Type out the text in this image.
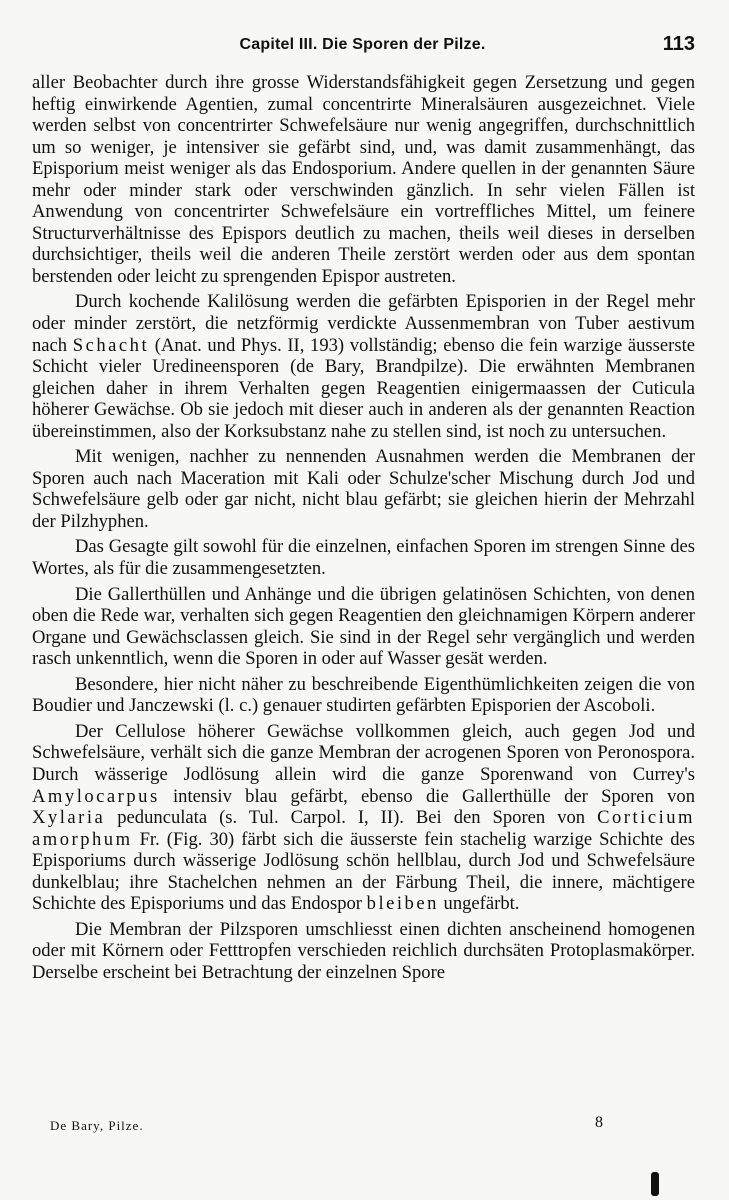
Capitel III. Die Sporen der Pilze.	113

aller Beobachter durch ihre grosse Widerstandsfähigkeit gegen Zersetzung und gegen heftig einwirkende Agentien, zumal concentrirte Mineralsäuren ausgezeichnet. Viele werden selbst von concentrirter Schwefelsäure nur wenig angegriffen, durchschnittlich um so weniger, je intensiver sie gefärbt sind, und, was damit zusammenhängt, das Episporium meist weniger als das Endosporium. Andere quellen in der genannten Säure mehr oder minder stark oder verschwinden gänzlich. In sehr vielen Fällen ist Anwendung von concentrirter Schwefelsäure ein vortreffliches Mittel, um feinere Structurverhältnisse des Epispors deutlich zu machen, theils weil dieses in derselben durchsichtiger, theils weil die anderen Theile zerstört werden oder aus dem spontan berstenden oder leicht zu sprengenden Epispor austreten.

Durch kochende Kalilösung werden die gefärbten Episporien in der Regel mehr oder minder zerstört, die netzförmig verdickte Aussenmembran von Tuber aestivum nach Schacht (Anat. und Phys. II, 193) vollständig; ebenso die fein warzige äusserste Schicht vieler Uredineensporen (de Bary, Brandpilze). Die erwähnten Membranen gleichen daher in ihrem Verhalten gegen Reagentien einigermaassen der Cuticula höherer Gewächse. Ob sie jedoch mit dieser auch in anderen als der genannten Reaction übereinstimmen, also der Korksubstanz nahe zu stellen sind, ist noch zu untersuchen.

Mit wenigen, nachher zu nennenden Ausnahmen werden die Membranen der Sporen auch nach Maceration mit Kali oder Schulze'scher Mischung durch Jod und Schwefelsäure gelb oder gar nicht, nicht blau gefärbt; sie gleichen hierin der Mehrzahl der Pilzhyphen.

Das Gesagte gilt sowohl für die einzelnen, einfachen Sporen im strengen Sinne des Wortes, als für die zusammengesetzten.

Die Gallerthüllen und Anhänge und die übrigen gelatinösen Schichten, von denen oben die Rede war, verhalten sich gegen Reagentien den gleichnamigen Körpern anderer Organe und Gewächsclassen gleich. Sie sind in der Regel sehr vergänglich und werden rasch unkenntlich, wenn die Sporen in oder auf Wasser gesät werden.

Besondere, hier nicht näher zu beschreibende Eigenthümlichkeiten zeigen die von Boudier und Janczewski (l. c.) genauer studirten gefärbten Episporien der Ascoboli.

Der Cellulose höherer Gewächse vollkommen gleich, auch gegen Jod und Schwefelsäure, verhält sich die ganze Membran der acrogenen Sporen von Peronospora. Durch wässerige Jodlösung allein wird die ganze Sporenwand von Currey's Amylocarpus intensiv blau gefärbt, ebenso die Gallerthülle der Sporen von Xylaria pedunculata (s. Tul. Carpol. I, II). Bei den Sporen von Corticium amorphum Fr. (Fig. 30) färbt sich die äusserste fein stachelig warzige Schichte des Episporiums durch wässerige Jodlösung schön hellblau, durch Jod und Schwefelsäure dunkelblau; ihre Stachelchen nehmen an der Färbung Theil, die innere, mächtigere Schichte des Episporiums und das Endospor bleiben ungefärbt.

Die Membran der Pilzsporen umschliesst einen dichten anscheinend homogenen oder mit Körnern oder Fetttropfen verschieden reichlich durchsäten Protoplasmakörper. Derselbe erscheint bei Betrachtung der einzelnen Spore

De Bary, Pilze.	8
